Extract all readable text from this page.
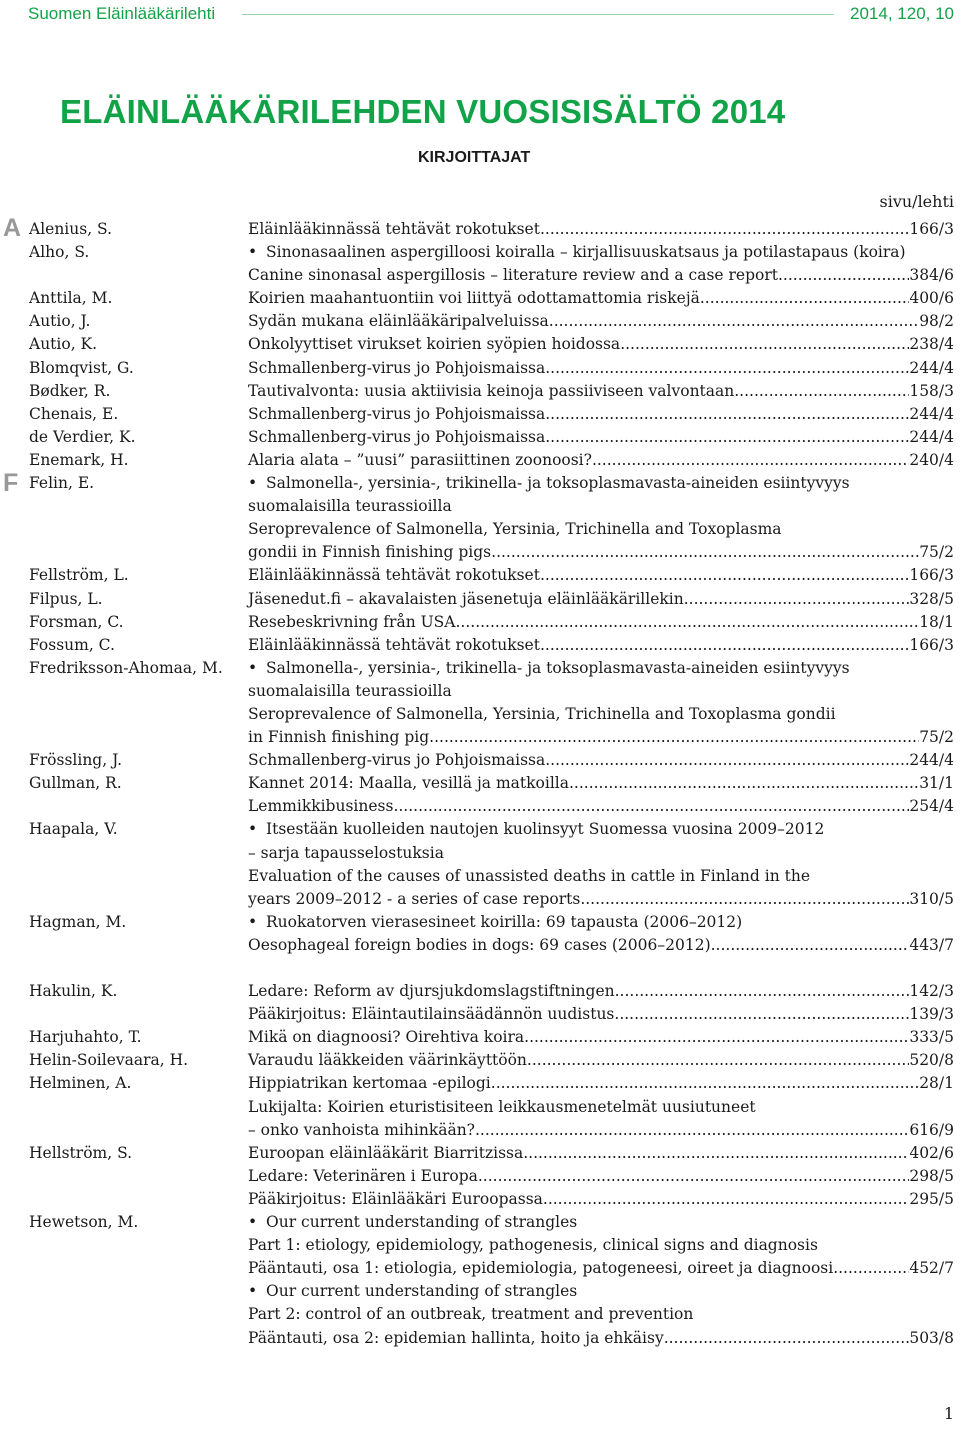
Suomen Eläinlääkärilehti	2014, 120, 10
ELÄINLÄÄKÄRILEHDEN VUOSISISÄLTÖ 2014
KIRJOITTAJAT
sivu/lehti
A
F
Alenius, S.	Eläinlääkinnässä tehtävät rokotukset .....	166/3
Alho, S.	• Sinonasaalinen aspergilloosi koiralla – kirjallisuuskatsaus ja potilastapaus (koira)
Canine sinonasal aspergillosis – literature review and a case report .....	384/6
Anttila, M.	Koirien maahantuontiin voi liittyä odottamattomia riskejä .....	400/6
Autio, J.	Sydän mukana eläinlääkäripalveluissa .....	98/2
Autio, K.	Onkolyyttiset virukset koirien syöpien hoidossa .....	238/4
Blomqvist, G.	Schmallenberg-virus jo Pohjoismaissa .....	244/4
Bødker, R.	Tautivalvonta: uusia aktiivisia keinoja passiiviseen valvontaan .....	158/3
Chenais, E.	Schmallenberg-virus jo Pohjoismaissa .....	244/4
de Verdier, K.	Schmallenberg-virus jo Pohjoismaissa .....	244/4
Enemark, H.	Alaria alata – ”uusi” parasiittinen zoonoosi? .....	240/4
Felin, E.	• Salmonella-, yersinia-, trikinella- ja toksoplasmavasta-aineiden esiintyvyys
suomalaisilla teurassioilla
Seroprevalence of Salmonella, Yersinia, Trichinella and Toxoplasma
gondii in Finnish finishing pigs .....	75/2
Fellström, L.	Eläinlääkinnässä tehtävät rokotukset .....	166/3
Filpus, L.	Jäsenedut.fi – akavalaisten jäsenetuja eläinlääkärillekin .....	328/5
Forsman, C.	Resebeskrivning från USA .....	18/1
Fossum, C.	Eläinlääkinnässä tehtävät rokotukset .....	166/3
Fredriksson-Ahomaa, M. • Salmonella-, yersinia-, trikinella- ja toksoplasmavasta-aineiden esiintyvyys
suomalaisilla teurassioilla
Seroprevalence of Salmonella, Yersinia, Trichinella and Toxoplasma gondii
in Finnish finishing pig .....	75/2
Frössling, J.	Schmallenberg-virus jo Pohjoismaissa .....	244/4
Gullman, R.	Kannet 2014: Maalla, vesillä ja matkoilla .....	31/1
Lemmikkibusiness .....	254/4
Haapala, V.	• Itsestään kuolleiden nautojen kuolinsyyt Suomessa vuosina 2009–2012
– sarja tapausselostuksia
Evaluation of the causes of unassisted deaths in cattle in Finland in the
years 2009–2012 - a series of case reports .....	310/5
Hagman, M.	• Ruokatorven vierasesineet koirilla: 69 tapausta (2006–2012)
Oesophageal foreign bodies in dogs: 69 cases (2006–2012) .....	443/7
Hakulin, K.	Ledare: Reform av djursjukdomslagstiftningen .....	142/3
Pääkirjoitus: Eläintautilainsäädännön uudistus .....	139/3
Harjuhahto, T.	Mikä on diagnoosi? Oirehtiva koira .....	333/5
Helin-Soilevaara, H.	Varaudu lääkkeiden väärinkäyttöön .....	520/8
Helminen, A.	Hippiatrikan kertomaa -epilogi .....	28/1
Lukijalta: Koirien eturistisiteen leikkausmenetelmät uusiutuneet
– onko vanhoista mihinkään? .....	616/9
Hellström, S.	Euroopan eläinlääkärit Biarritzissa .....	402/6
Ledare: Veterinären i Europa .....	298/5
Pääkirjoitus: Eläinlääkäri Euroopassa .....	295/5
Hewetson, M.	• Our current understanding of strangles
Part 1: etiology, epidemiology, pathogenesis, clinical signs and diagnosis
Pääntauti, osa 1: etiologia, epidemiologia, patogeneesi, oireet ja diagnoosi .....	452/7
• Our current understanding of strangles
Part 2: control of an outbreak, treatment and prevention
Pääntauti, osa 2: epidemian hallinta, hoito ja ehkäisy .....	503/8
1
